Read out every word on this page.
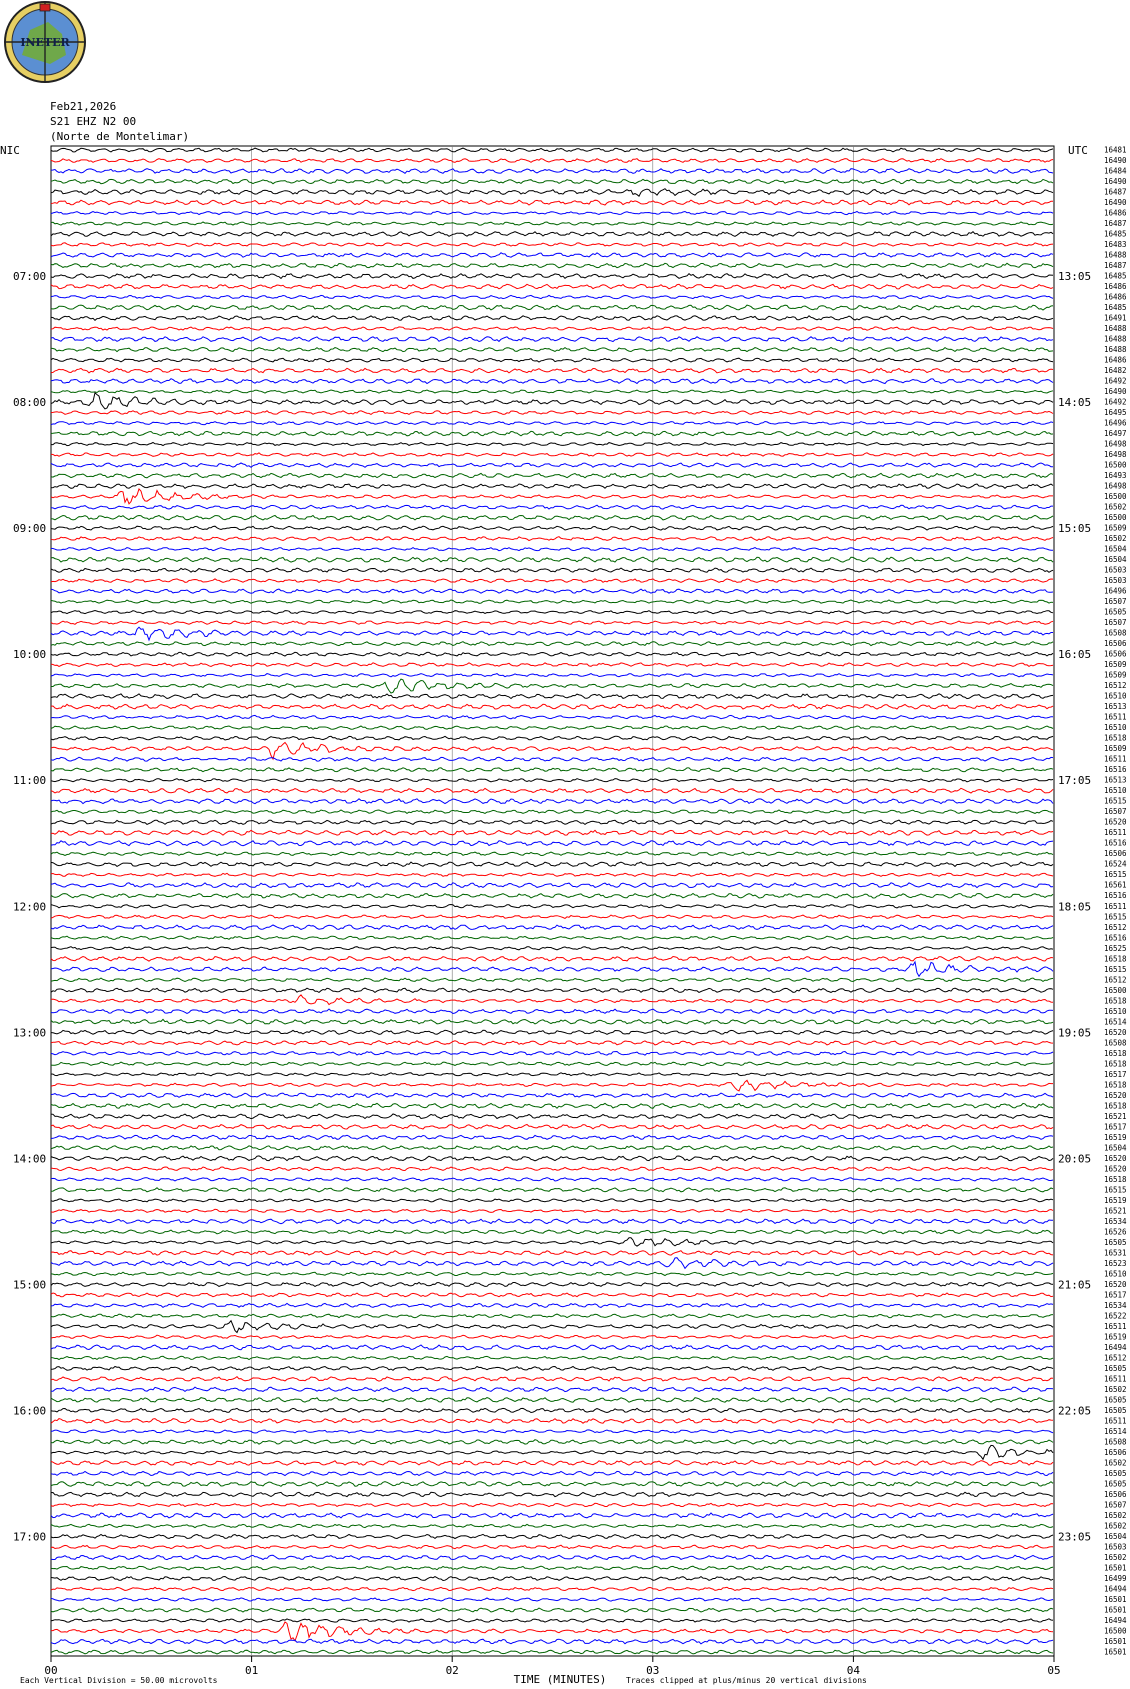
INETER
Feb21,2026
S21 EHZ N2 00
(Norte de Montelimar)
16481
16490
16484
16490
16487
16490
16486
16487
16485
16483
16488
16487
16485
16486
16486
16485
16491
16488
16488
16488
16486
16482
16492
16490
16492
16495
16496
16497
16498
16498
16500
16493
16498
16500
16502
16500
16509
16502
16504
16504
16503
16503
16496
16507
16505
16507
16508
16506
16506
16509
16509
16512
16510
16513
16511
16510
16518
16509
16511
16516
16513
16510
16515
16507
16520
16511
16516
16506
16524
16515
16561
16516
16511
16515
16512
16516
16525
16518
16515
16512
16500
16518
16510
16514
16520
16508
16518
16518
16517
16518
16520
16518
16521
16517
16519
16504
16520
16520
16518
16515
16519
16521
16534
16526
16505
16531
16523
16510
16520
16517
16534
16522
16511
16519
16494
16512
16505
16511
16502
16505
16505
16511
16514
16508
16506
16502
16505
16505
16506
16507
16502
16502
16504
16503
16502
16501
16499
16494
16501
16501
16494
16500
16501
16501
07:00	13:05
08:00	14:05
09:00	15:05
10:00	16:05
11:00	17:05
12:00	18:05
13:00	19:05
14:00	20:05
15:00	21:05
16:00	22:05
17:00	23:05
NIC	UTC
00	01	02	03	04	05
TIME (MINUTES)
Each Vertical Division = 50.00 microvolts	Traces clipped at plus/minus 20 vertical divisions
